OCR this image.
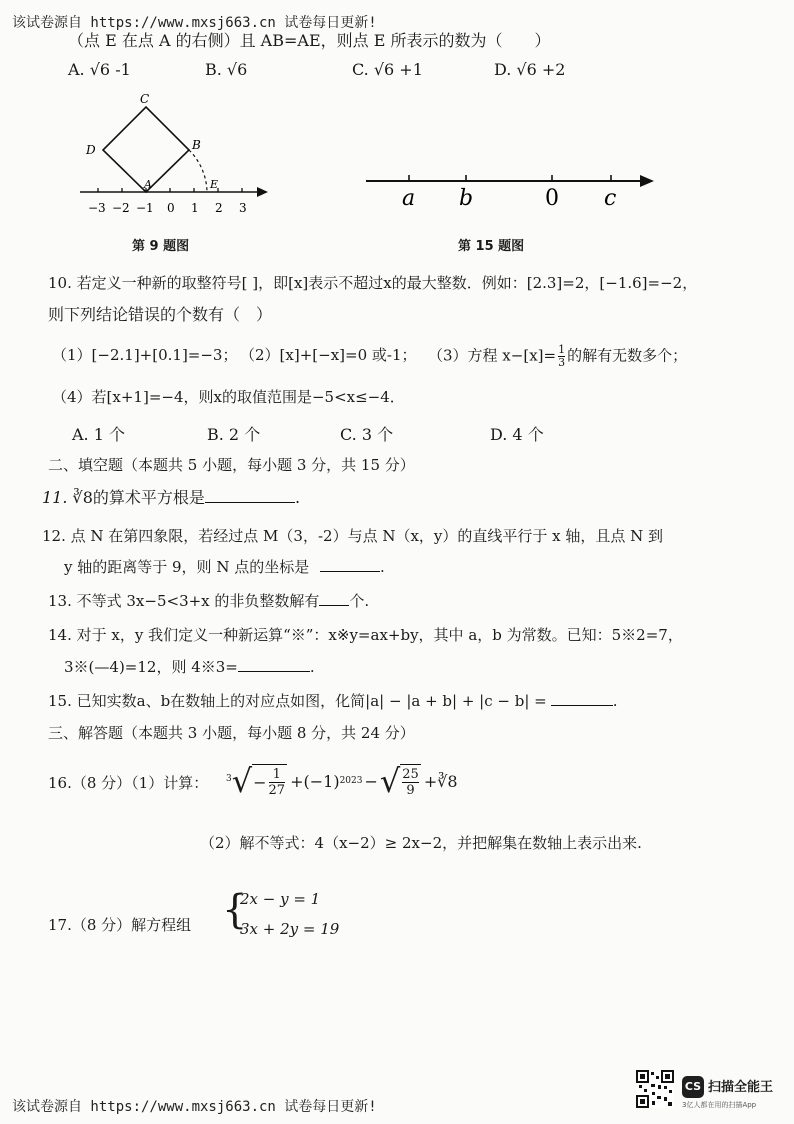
该试卷源自 https://www.mxsj663.cn 试卷每日更新!
（点 E 在点 A 的右侧）且 AB=AE，则点 E 所表示的数为（　　）
A. √6 -1	B. √6	C. √6 +1	D. √6 +2
C
D	B
A	E
−3 −2 −1 0 1 2 3
第 9 题图
a b	0 c
第 15 题图
10. 若定义一种新的取整符号[ ]，即[x]表示不超过x的最大整数．例如：[2.3]=2，[−1.6]=−2，
则下列结论错误的个数有（　）
（1）[−2.1]+[0.1]=−3； （2）[x]+[−x]=0 或-1； （3）方程 $x-[x]= \frac{1}{3}$ 的解有无数多个；
（4）若[x+1]=−4，则x的取值范围是−5<x≤−4．
A. 1 个	B. 2 个	C. 3 个	D. 4 个
二、填空题（本题共 5 小题，每小题 3 分，共 15 分）
11. ∛8的算术平方根是	.
12. 点 N 在第四象限，若经过点 M（3，-2）与点 N（x，y）的直线平行于 x 轴，且点 N 到
y 轴的距离等于 9，则 N 点的坐标是	.
13. 不等式 3x−5<3+x 的非负整数解有 个.
14. 对于 x，y 我们定义一种新运算“※”：x※y=ax+by，其中 a，b 为常数。已知：5※2=7，
3※(—4)=12，则 4※3=	.
15. 已知实数a、b在数轴上的对应点如图，化简|a| − |a + b| + |c − b| =	.
三、解答题（本题共 3 小题，每小题 8 分，共 24 分）
16.（8 分）（1）计算： 3 √ − $\frac{1}{27} +(-1) 2023$ − √ $\frac{25}{9}$ +∛8
（2）解不等式：4（x−2）≥ 2x−2，并把解集在数轴上表示出来.
17.（8 分）解方程组 {
2x − y = 1
3x + 2y = 19
CS 扫描全能王
3亿人都在用的扫描App
该试卷源自 https://www.mxsj663.cn 试卷每日更新!
